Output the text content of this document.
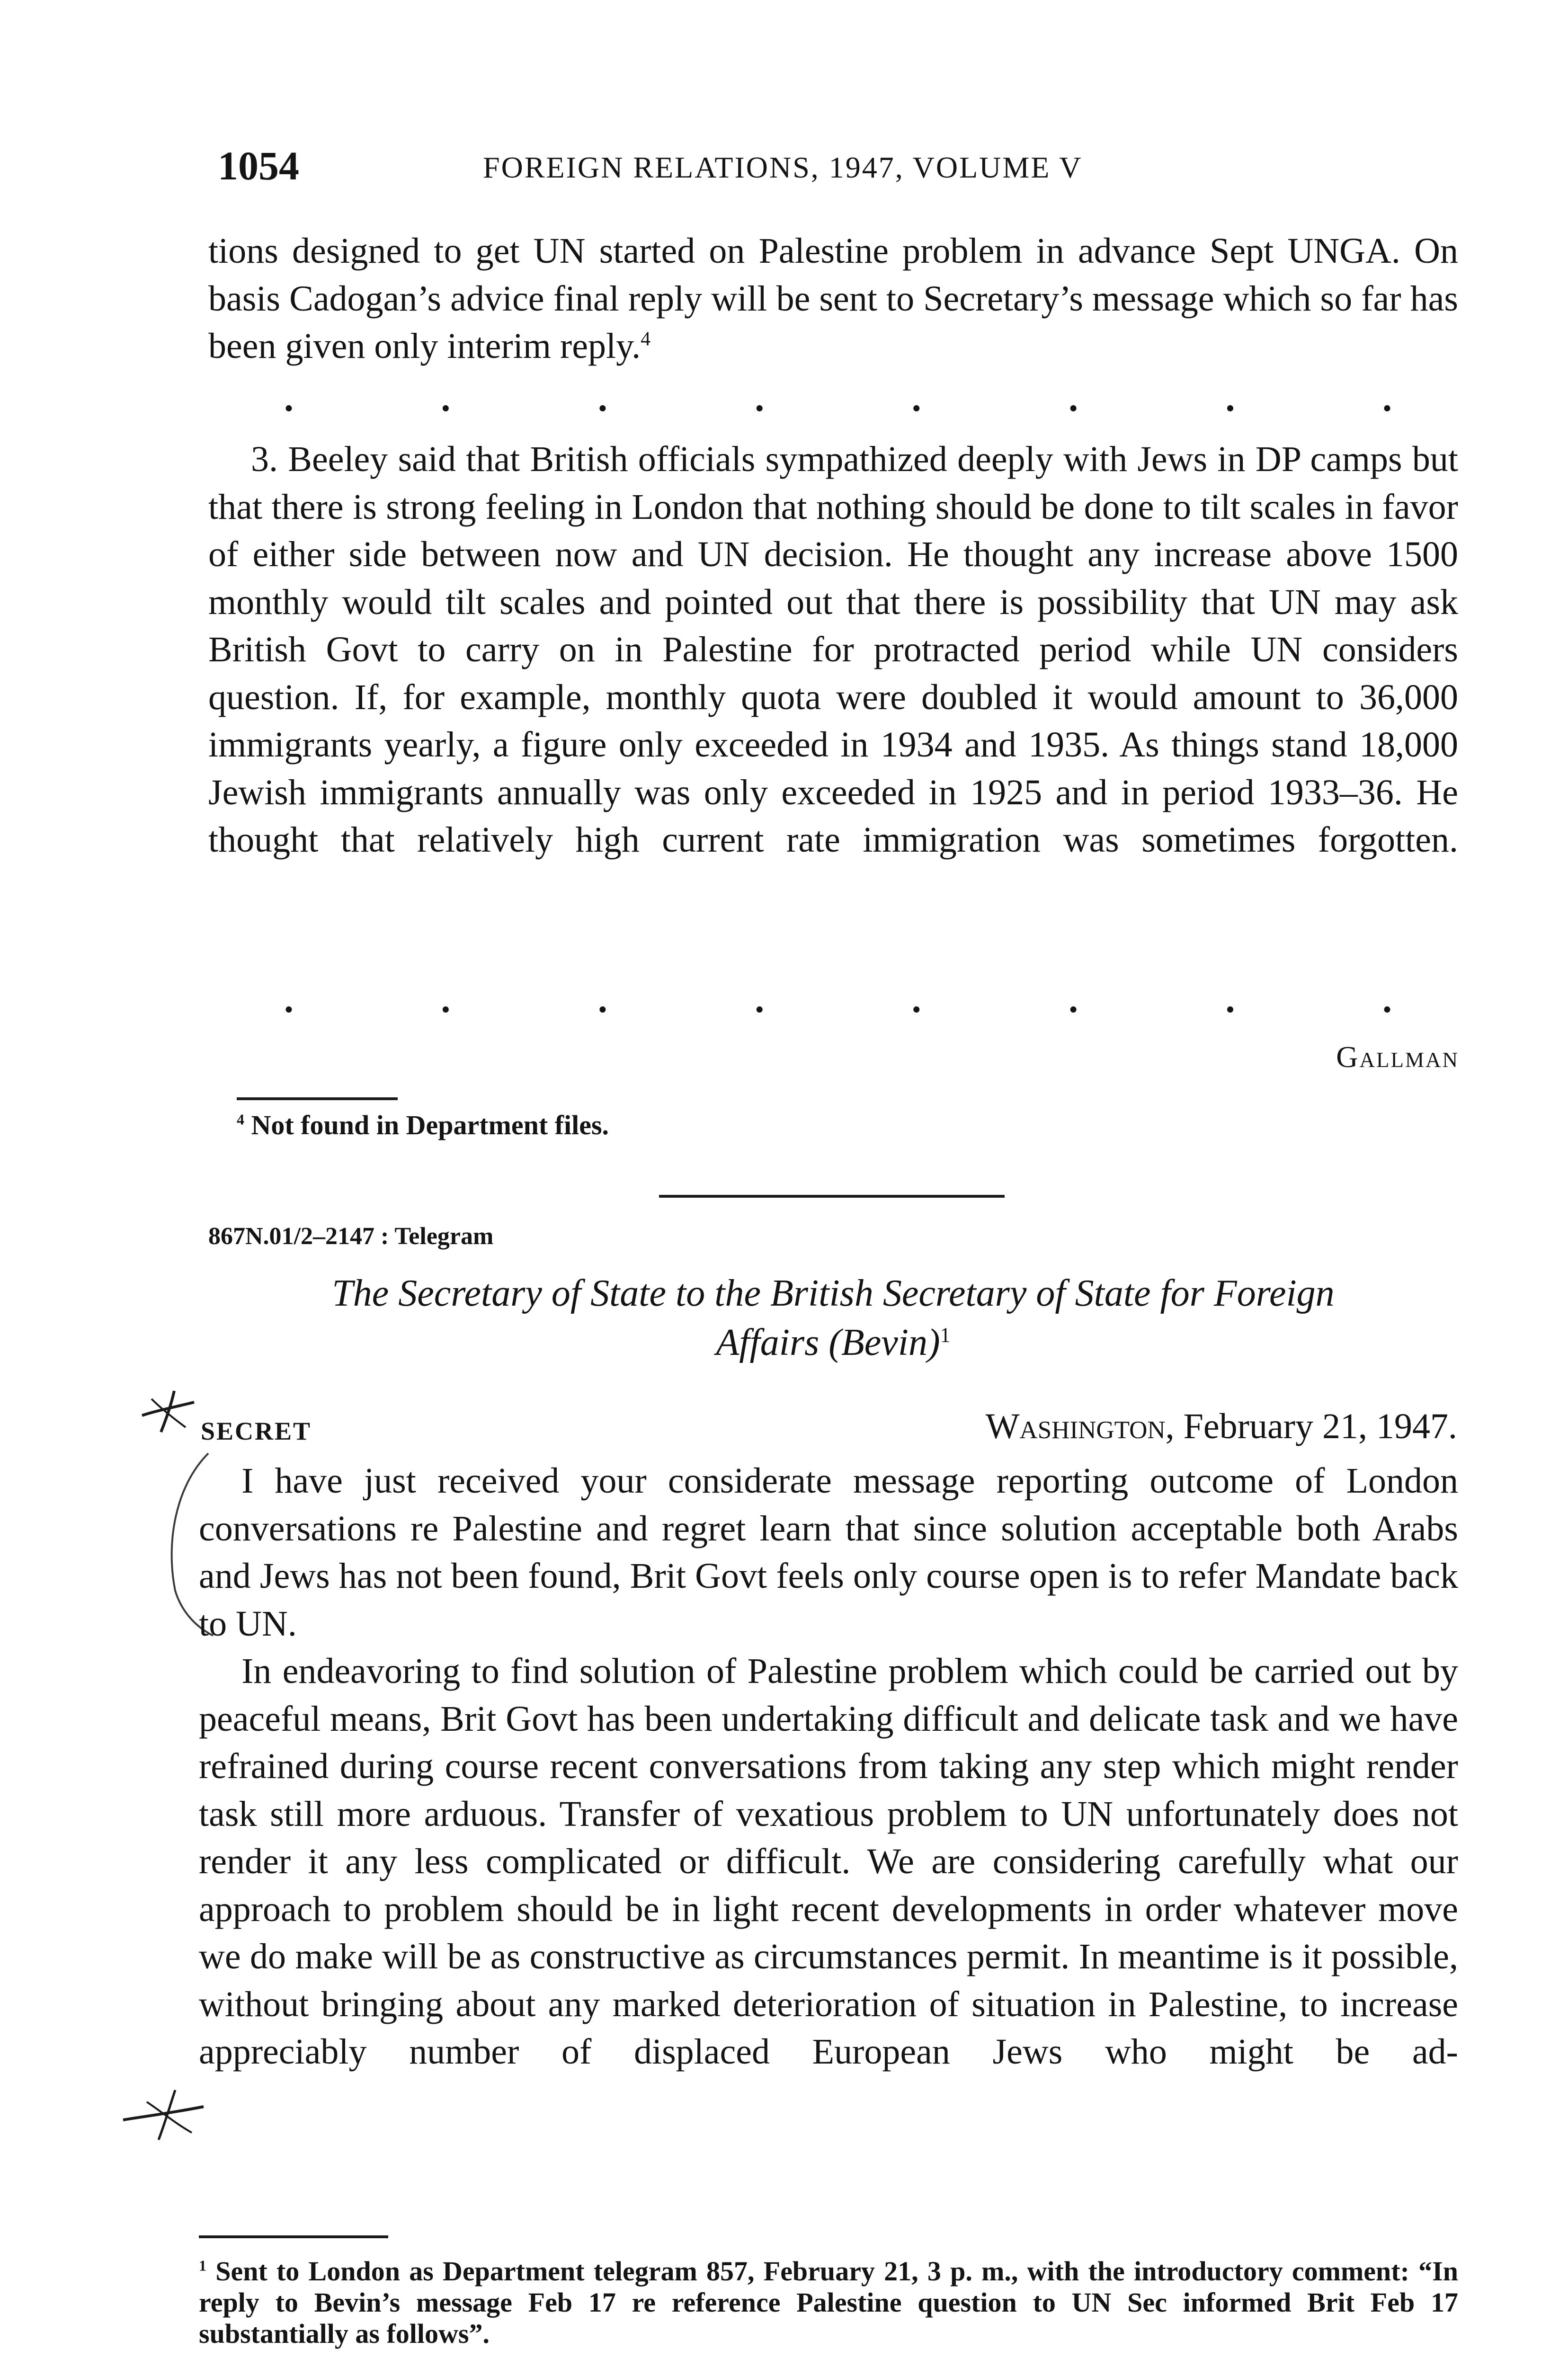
1054	FOREIGN RELATIONS, 1947, VOLUME V

tions designed to get UN started on Palestine problem in advance Sept UNGA. On basis Cadogan’s advice final reply will be sent to Secretary’s message which so far has been given only interim reply.$^4$

.	.	.	.	.	.	.	.

3. Beeley said that British officials sympathized deeply with Jews in DP camps but that there is strong feeling in London that nothing should be done to tilt scales in favor of either side between now and UN decision. He thought any increase above 1500 monthly would tilt scales and pointed out that there is possibility that UN may ask British Govt to carry on in Palestine for protracted period while UN considers question. If, for example, monthly quota were doubled it would amount to 36,000 immigrants yearly, a figure only exceeded in 1934 and 1935. As things stand 18,000 Jewish immigrants annually was only exceeded in 1925 and in period 1933–36. He thought that relatively high current rate immigration was sometimes forgotten.

.	.	.	.	.	.	.	.
Gallman
$^4$ Not found in Department files.
867N.01/2–2147 : Telegram
The Secretary of State to the British Secretary of State for Foreign
Affairs (Bevin)$^1$
SECRET	Washington, February 21, 1947.

I have just received your considerate message reporting outcome of London conversations re Palestine and regret learn that since solution acceptable both Arabs and Jews has not been found, Brit Govt feels only course open is to refer Mandate back to UN.

In endeavoring to find solution of Palestine problem which could be carried out by peaceful means, Brit Govt has been undertaking difficult and delicate task and we have refrained during course recent conversations from taking any step which might render task still more arduous. Transfer of vexatious problem to UN unfortunately does not render it any less complicated or difficult. We are considering carefully what our approach to problem should be in light recent developments in order whatever move we do make will be as constructive as circumstances permit. In meantime is it possible, without bringing about any marked deterioration of situation in Palestine, to increase appreciably number of displaced European Jews who might be ad-

$^1$ Sent to London as Department telegram 857, February 21, 3 p. m., with the introductory comment: “In reply to Bevin’s message Feb 17 re reference Palestine question to UN Sec informed Brit Feb 17 substantially as follows”.
